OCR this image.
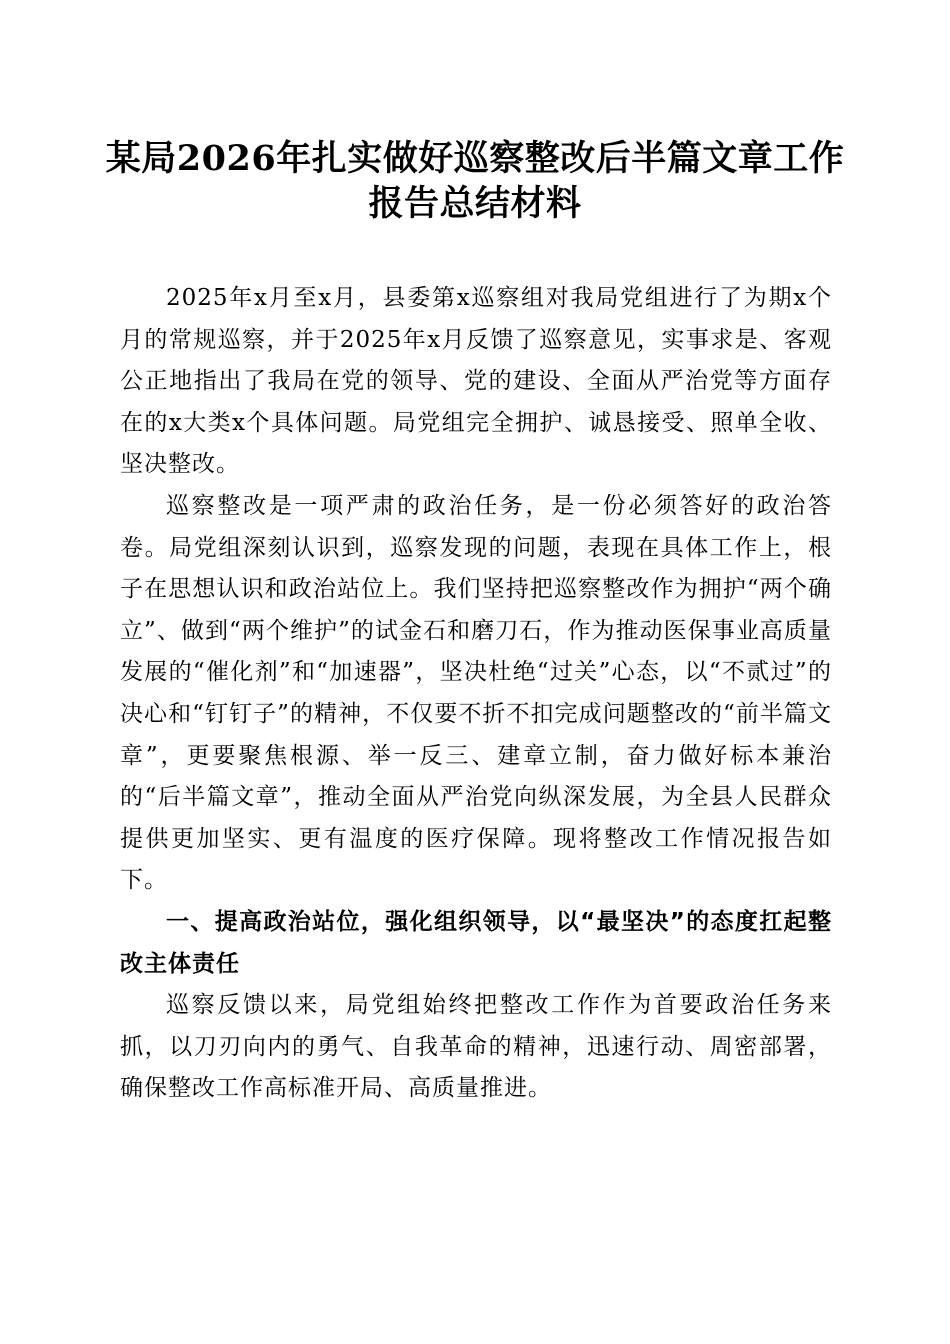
某局2026年扎实做好巡察整改后半篇文章工作报告总结材料

2025年x月至x月，县委第x巡察组对我局党组进行了为期x个月的常规巡察，并于2025年x月反馈了巡察意见，实事求是、客观公正地指出了我局在党的领导、党的建设、全面从严治党等方面存在的x大类x个具体问题。局党组完全拥护、诚恳接受、照单全收、坚决整改。

巡察整改是一项严肃的政治任务，是一份必须答好的政治答卷。局党组深刻认识到，巡察发现的问题，表现在具体工作上，根子在思想认识和政治站位上。我们坚持把巡察整改作为拥护“两个确立”、做到“两个维护”的试金石和磨刀石，作为推动医保事业高质量发展的“催化剂”和“加速器”，坚决杜绝“过关”心态，以“不贰过”的决心和“钉钉子”的精神，不仅要不折不扣完成问题整改的“前半篇文章”，更要聚焦根源、举一反三、建章立制，奋力做好标本兼治的“后半篇文章”，推动全面从严治党向纵深发展，为全县人民群众提供更加坚实、更有温度的医疗保障。现将整改工作情况报告如下。

一、提高政治站位，强化组织领导，以“最坚决”的态度扛起整改主体责任

巡察反馈以来，局党组始终把整改工作作为首要政治任务来抓，以刀刃向内的勇气、自我革命的精神，迅速行动、周密部署，确保整改工作高标准开局、高质量推进。
